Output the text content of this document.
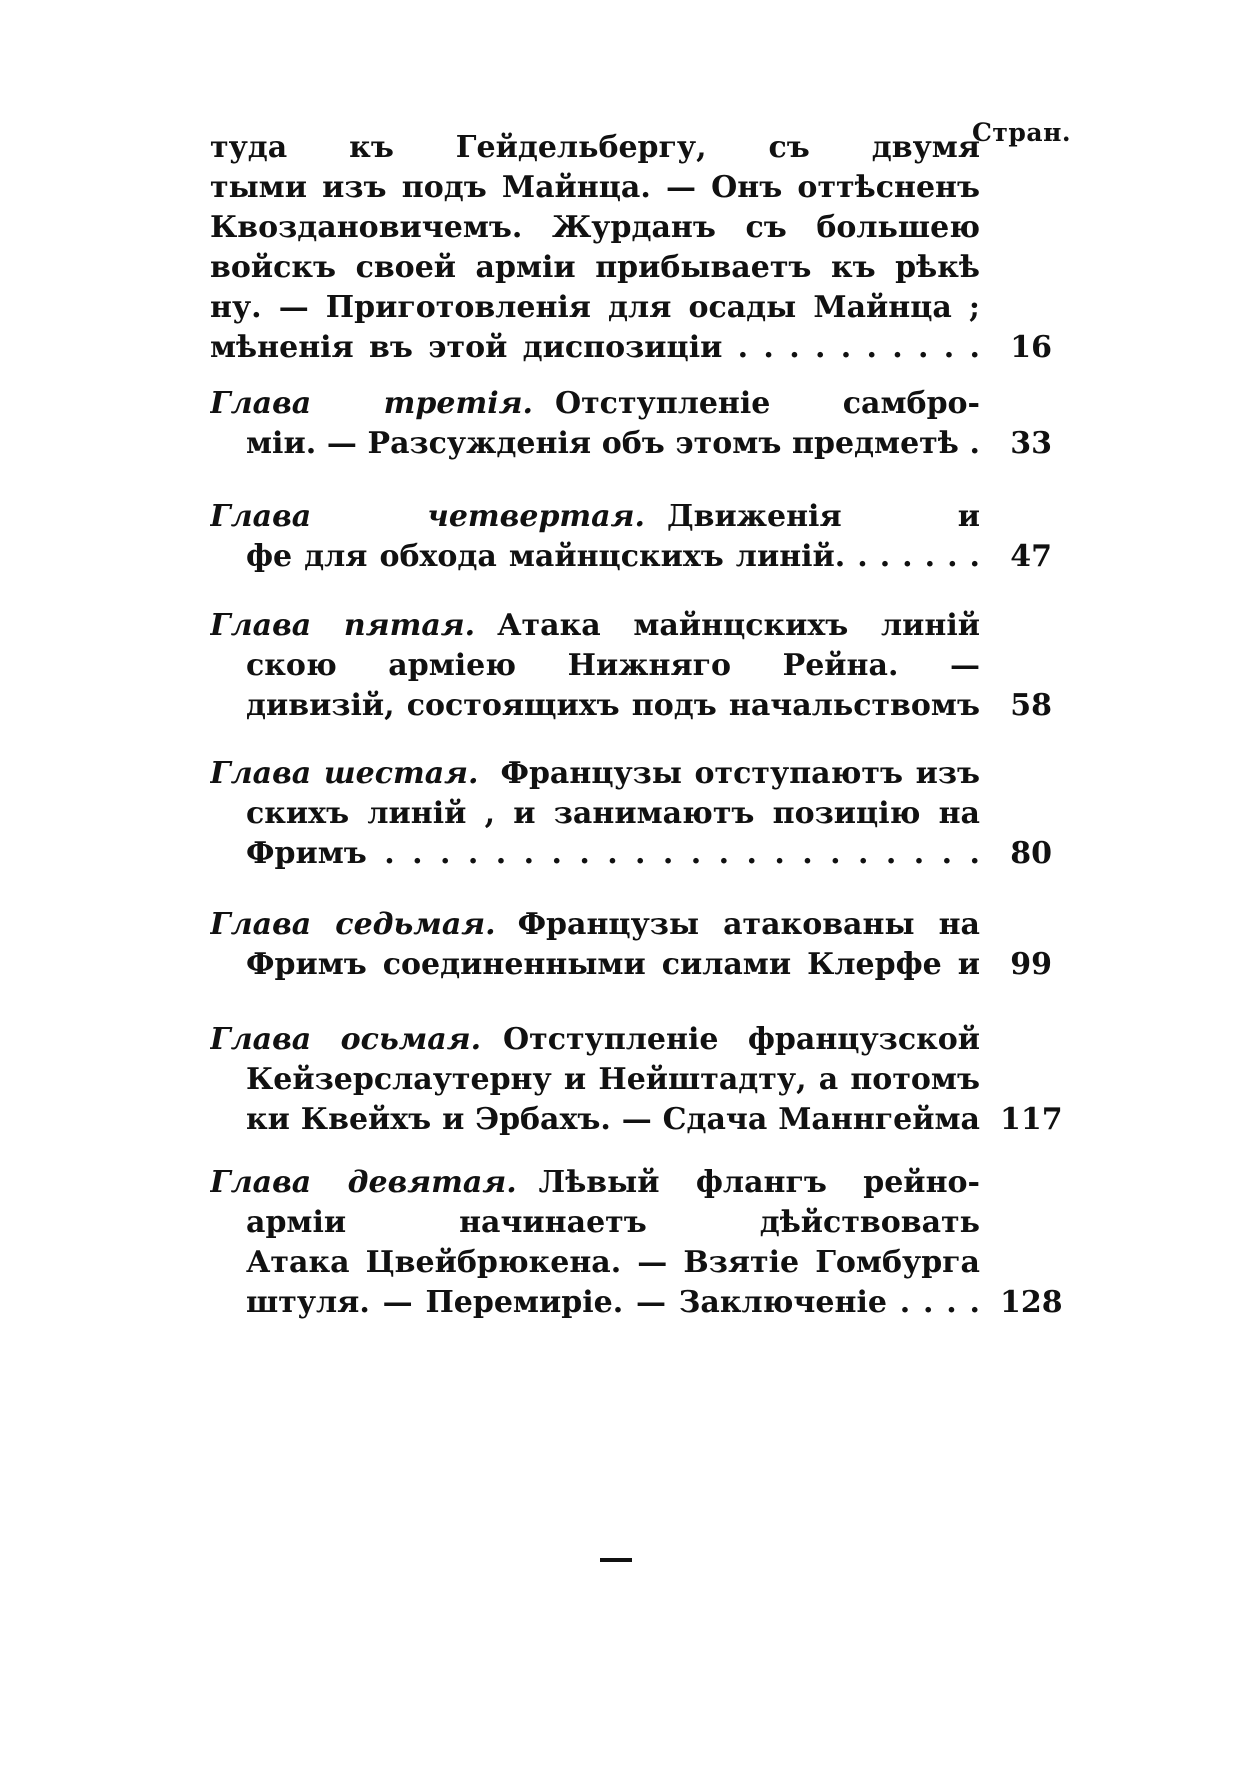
Стран.
туда къ Гейдельбергу, съ двумя
тыми изъ подъ Майнца. — Онъ оттѣсненъ
Квоздановичемъ. Журданъ съ большею
войскъ своей арміи прибываетъ къ рѣкѣ
ну. — Приготовленія для осады Майнца ;
мѣненія въ этой диспозиціи . . . . . . . . . .	16
Глава третія. Отступленіе самбро-
міи. — Разсужденія объ этомъ предметѣ .	33
Глава четвертая. Движенія и
фе для обхода майнцскихъ линій. . . . . . .	47
Глава пятая. Атака майнцскихъ линій
скою арміею Нижняго Рейна. —
дивизій, состоящихъ подъ начальствомъ	58
Глава шестая. Французы отступаютъ изъ
скихъ линій , и занимаютъ позицію на
Фримъ . . . . . . . . . . . . . . . . . . . . . .	80
Глава седьмая. Французы атакованы на
Фримъ соединенными силами Клерфе и	99
Глава осьмая. Отступленіе французской
Кейзерслаутерну и Нейштадту, а потомъ
ки Квейхъ и Эрбахъ. — Сдача Маннгейма 117
Глава девятая. Лѣвый флангъ рейно-
арміи начинаетъ дѣйствовать
Атака Цвейбрюкена. — Взятіе Гомбурга
штуля. — Перемиріе. — Заключеніе . . . . 128
